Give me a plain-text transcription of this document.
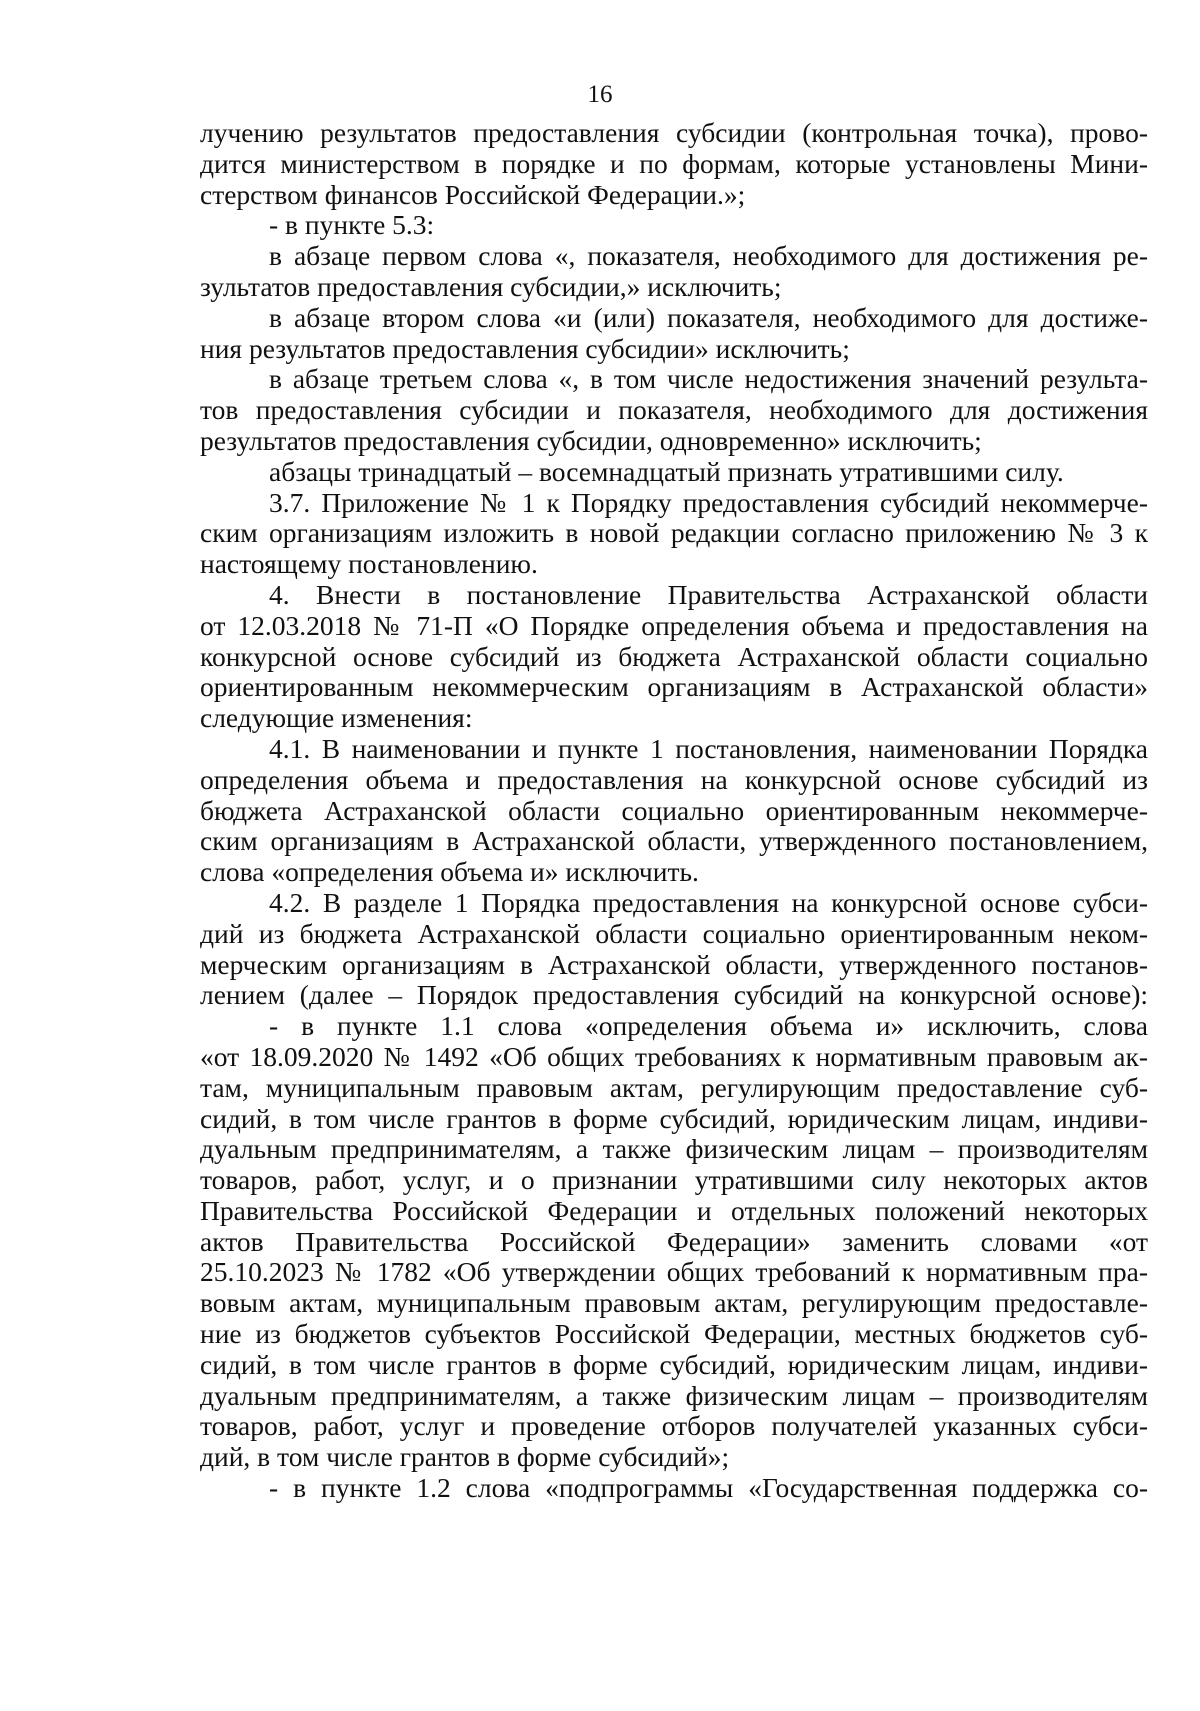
16
лучению результатов предоставления субсидии (контрольная точка), прово-
дится министерством в порядке и по формам, которые установлены Мини-
стерством финансов Российской Федерации.»;
- в пункте 5.3:
в абзаце первом слова «, показателя, необходимого для достижения ре-
зультатов предоставления субсидии,» исключить;
в абзаце втором слова «и (или) показателя, необходимого для достиже-
ния результатов предоставления субсидии» исключить;
в абзаце третьем слова «, в том числе недостижения значений результа-
тов предоставления субсидии и показателя, необходимого для достижения
результатов предоставления субсидии, одновременно» исключить;
абзацы тринадцатый – восемнадцатый признать утратившими силу.
3.7. Приложение № 1 к Порядку предоставления субсидий некоммерче-
ским организациям изложить в новой редакции согласно приложению № 3 к
настоящему постановлению.
4. Внести в постановление Правительства Астраханской области
от 12.03.2018 № 71-П «О Порядке определения объема и предоставления на
конкурсной основе субсидий из бюджета Астраханской области социально
ориентированным некоммерческим организациям в Астраханской области»
следующие изменения:
4.1. В наименовании и пункте 1 постановления, наименовании Порядка
определения объема и предоставления на конкурсной основе субсидий из
бюджета Астраханской области социально ориентированным некоммерче-
ским организациям в Астраханской области, утвержденного постановлением,
слова «определения объема и» исключить.
4.2. В разделе 1 Порядка предоставления на конкурсной основе субси-
дий из бюджета Астраханской области социально ориентированным неком-
мерческим организациям в Астраханской области, утвержденного постанов-
лением (далее – Порядок предоставления субсидий на конкурсной основе):
- в пункте 1.1 слова «определения объема и» исключить, слова
«от 18.09.2020 № 1492 «Об общих требованиях к нормативным правовым ак-
там, муниципальным правовым актам, регулирующим предоставление суб-
сидий, в том числе грантов в форме субсидий, юридическим лицам, индиви-
дуальным предпринимателям, а также физическим лицам – производителям
товаров, работ, услуг, и о признании утратившими силу некоторых актов
Правительства Российской Федерации и отдельных положений некоторых
актов Правительства Российской Федерации» заменить словами «от
25.10.2023 № 1782 «Об утверждении общих требований к нормативным пра-
вовым актам, муниципальным правовым актам, регулирующим предоставле-
ние из бюджетов субъектов Российской Федерации, местных бюджетов суб-
сидий, в том числе грантов в форме субсидий, юридическим лицам, индиви-
дуальным предпринимателям, а также физическим лицам – производителям
товаров, работ, услуг и проведение отборов получателей указанных субси-
дий, в том числе грантов в форме субсидий»;
- в пункте 1.2 слова «подпрограммы «Государственная поддержка со-
